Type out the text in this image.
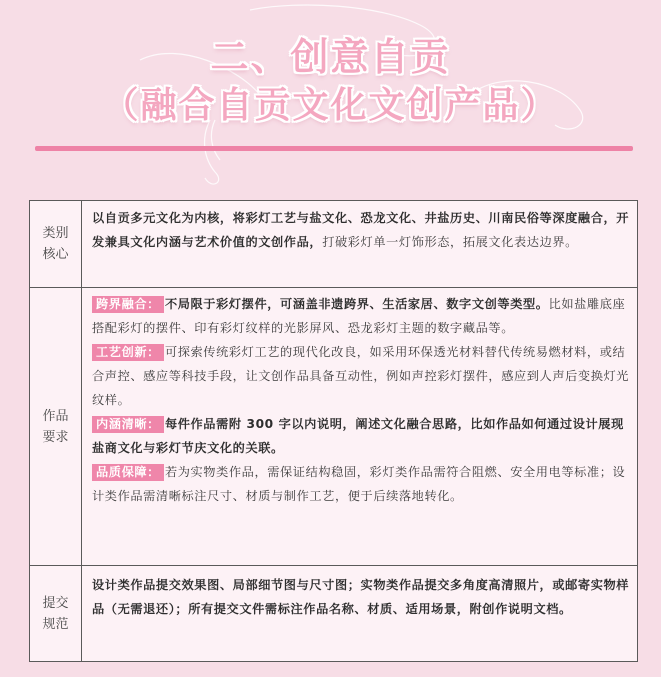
二、创意自贡
（融合自贡文化文创产品）
类别
核心

以自贡多元文化为内核，将彩灯工艺与盐文化、恐龙文化、井盐历史、川南民俗等深度融合，开发兼具文化内涵与艺术价值的文创作品，打破彩灯单一灯饰形态，拓展文化表达边界。

作品
要求

跨界融合： 不局限于彩灯摆件，可涵盖非遗跨界、生活家居、数字文创等类型。比如盐雕底座搭配彩灯的摆件、印有彩灯纹样的光影屏风、恐龙彩灯主题的数字藏品等。

工艺创新： 可探索传统彩灯工艺的现代化改良，如采用环保透光材料替代传统易燃材料，或结合声控、感应等科技手段，让文创作品具备互动性，例如声控彩灯摆件，感应到人声后变换灯光纹样。

内涵清晰： 每件作品需附 300 字以内说明，阐述文化融合思路，比如作品如何通过设计展现盐商文化与彩灯节庆文化的关联。

品质保障： 若为实物类作品，需保证结构稳固，彩灯类作品需符合阻燃、安全用电等标准；设计类作品需清晰标注尺寸、材质与制作工艺，便于后续落地转化。

提交
规范

设计类作品提交效果图、局部细节图与尺寸图；实物类作品提交多角度高清照片，或邮寄实物样品（无需退还）；所有提交文件需标注作品名称、材质、适用场景，附创作说明文档。
